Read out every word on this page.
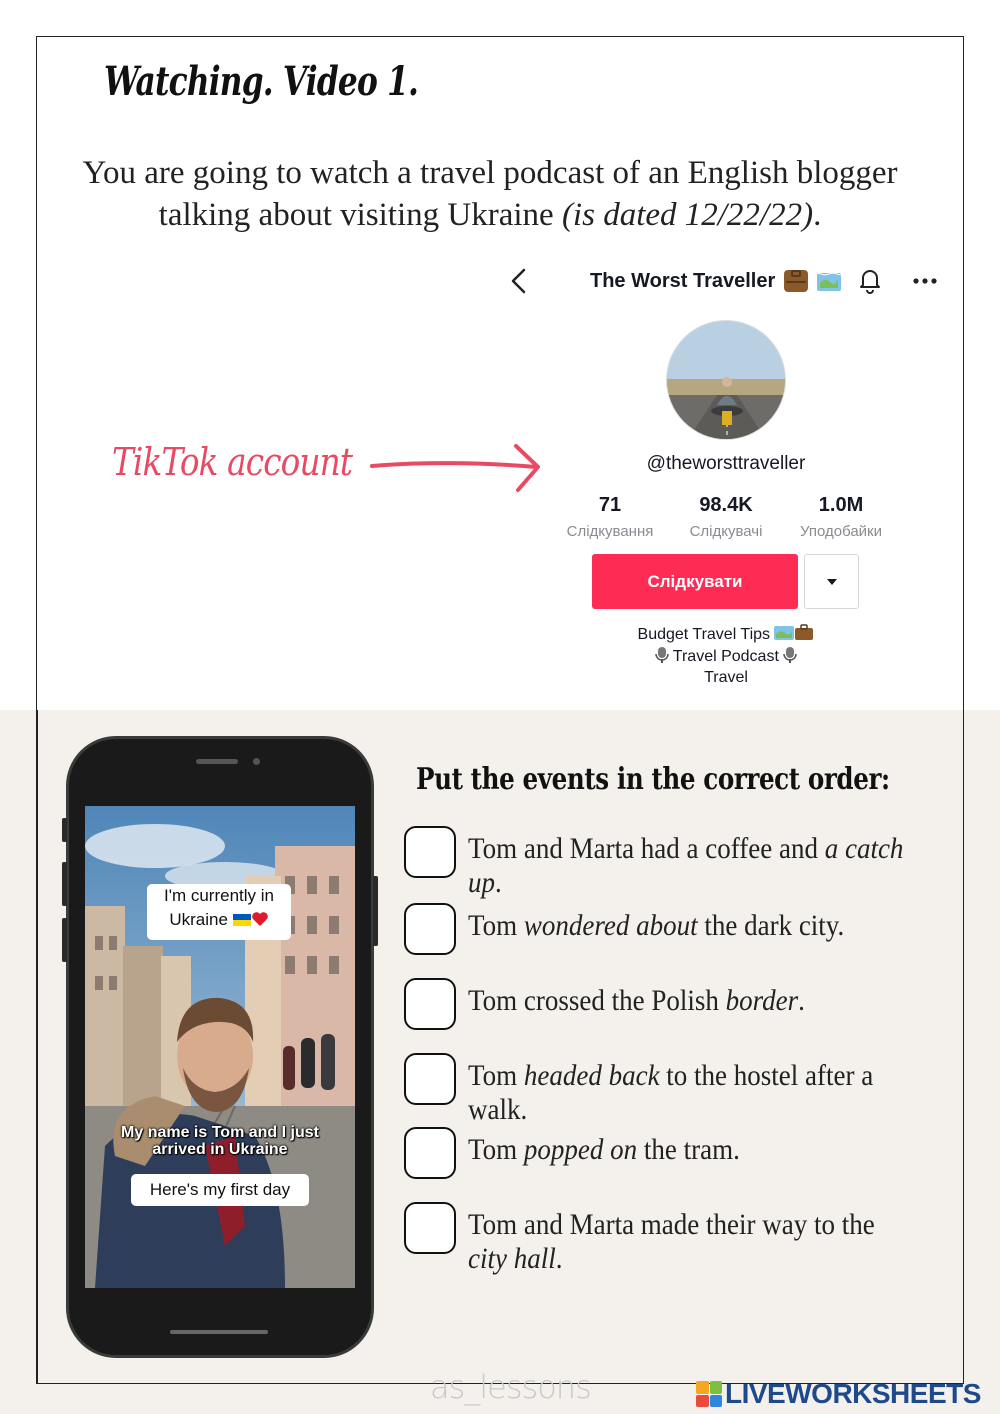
Watching. Video 1.

You are going to watch a travel podcast of an English blogger talking about visiting Ukraine (is dated 12/22/22).

TikTok account
The Worst Traveller
@theworsttraveller
71
Слідкування
98.4K
Слідкувачі
1.0M
Уподобайки
Слідкувати
Budget Travel Tips
Travel Podcast
Travel
I'm currently in
Ukraine
My name is Tom and I just
arrived in Ukraine
Here's my first day
Put the events in the correct order:
Tom and Marta had a coffee and a catch up.
Tom wondered about the dark city.
Tom crossed the Polish border.
Tom headed back to the hostel after a walk.
Tom popped on the tram.
Tom and Marta made their way to the city hall.
as_lessons	LIVEWORKSHEETS
